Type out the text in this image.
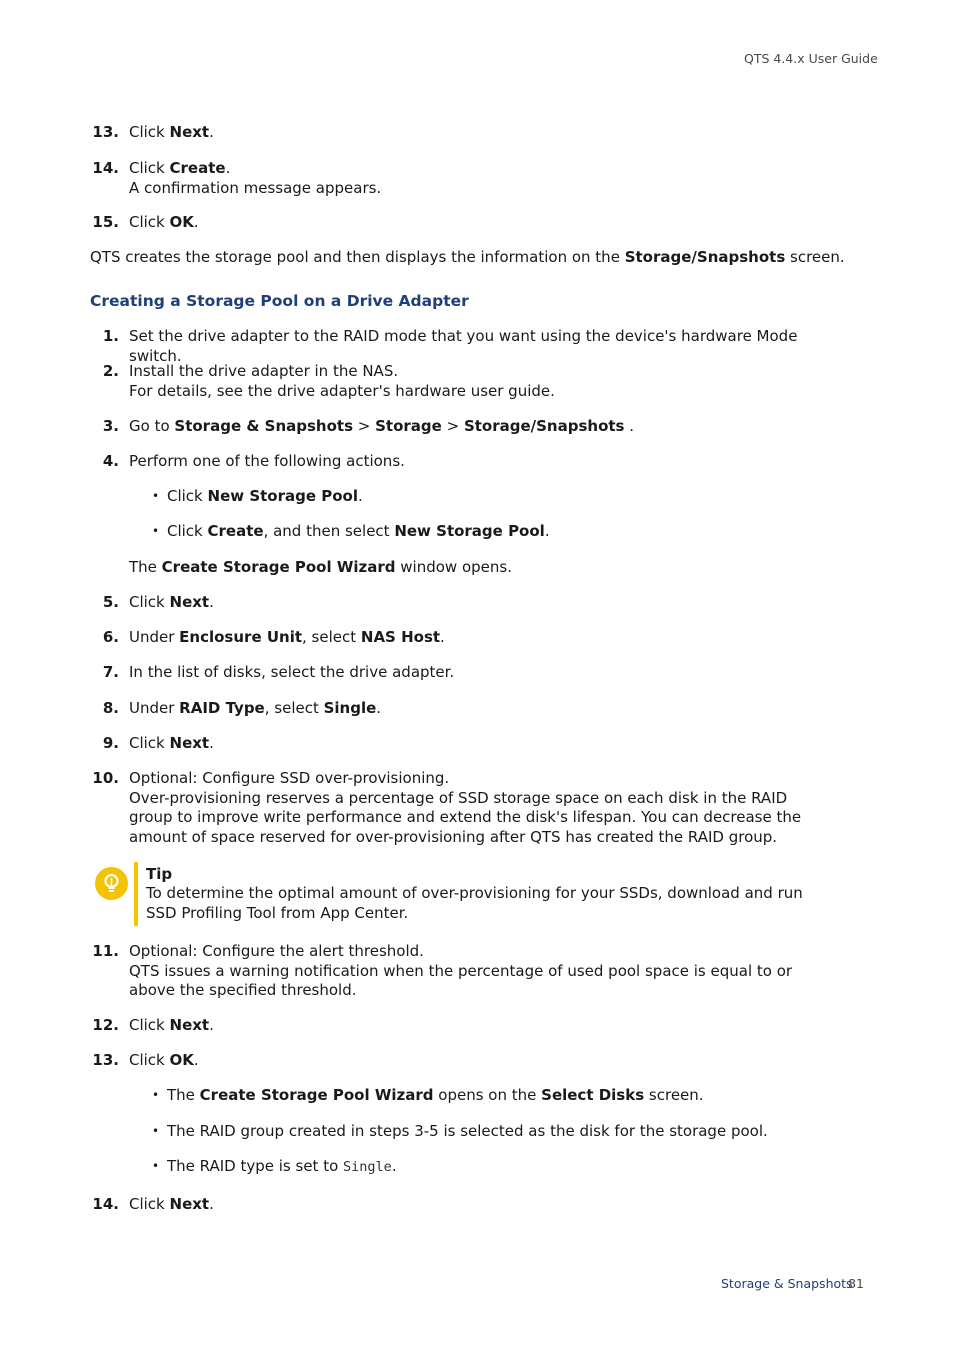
QTS 4.4.x User Guide
13. Click Next.
14. Click Create.
A confirmation message appears.
15. Click OK.
QTS creates the storage pool and then displays the information on the Storage/Snapshots screen.
Creating a Storage Pool on a Drive Adapter
1. Set the drive adapter to the RAID mode that you want using the device's hardware Mode switch.
2. Install the drive adapter in the NAS.
For details, see the drive adapter's hardware user guide.
3. Go to Storage & Snapshots > Storage > Storage/Snapshots .
4. Perform one of the following actions.
• Click New Storage Pool.
• Click Create, and then select New Storage Pool.
The Create Storage Pool Wizard window opens.
5. Click Next.
6. Under Enclosure Unit, select NAS Host.
7. In the list of disks, select the drive adapter.
8. Under RAID Type, select Single.
9. Click Next.
10. Optional: Configure SSD over-provisioning.
Over-provisioning reserves a percentage of SSD storage space on each disk in the RAID group to improve write performance and extend the disk's lifespan. You can decrease the amount of space reserved for over-provisioning after QTS has created the RAID group.
Tip
To determine the optimal amount of over-provisioning for your SSDs, download and run SSD Profiling Tool from App Center.
11. Optional: Configure the alert threshold.
QTS issues a warning notification when the percentage of used pool space is equal to or above the specified threshold.
12. Click Next.
13. Click OK.
• The Create Storage Pool Wizard opens on the Select Disks screen.
• The RAID group created in steps 3-5 is selected as the disk for the storage pool.
• The RAID type is set to Single.
14. Click Next.
Storage & Snapshots
81
